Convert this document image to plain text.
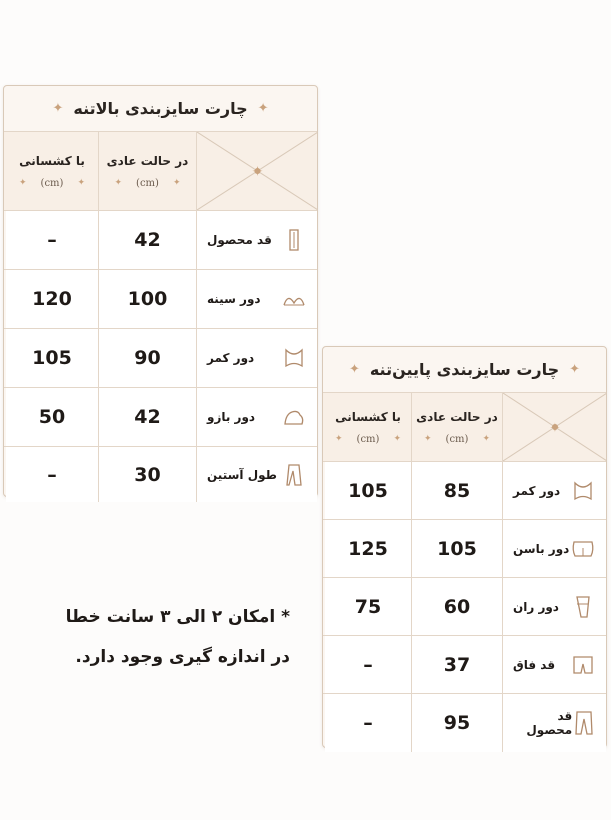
✦
چارت سایزبندی بالاتنه
✦
✦
در حالت عادی
✦
(cm)
✦
با کشسانی
✦
(cm)
✦
قد محصول
42
–
دور سینه
100
120
دور کمر
90
105
دور بازو
42
50
طول آستین
30
–
✦
چارت سایزبندی پایین‌تنه
✦
✦
در حالت عادی
✦
(cm)
✦
با کشسانی
✦
(cm)
✦
دور کمر
85
105
دور باسن
105
125
دور ران
60
75
قد فاق
37
–
قد محصول
95
–
* امکان ۲ الی ۳ سانت خطا
در اندازه گیری وجود دارد.
